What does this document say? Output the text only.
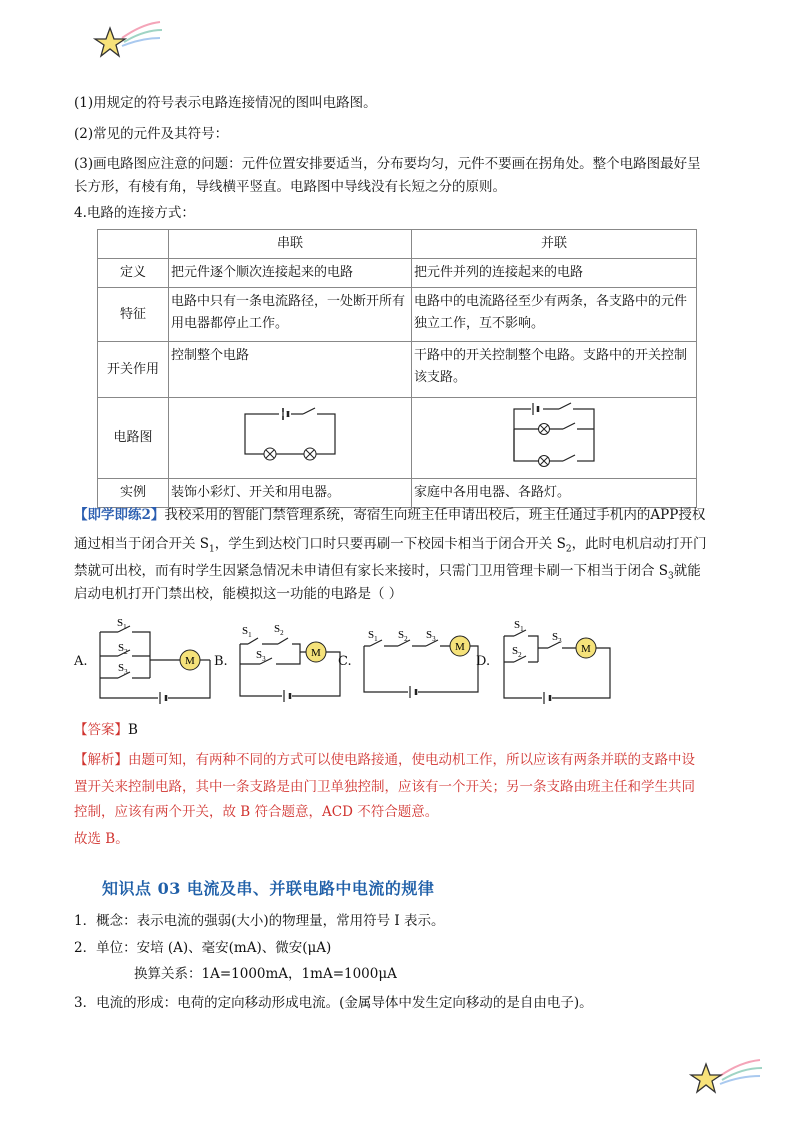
(1)用规定的符号表示电路连接情况的图叫电路图。
(2)常见的元件及其符号：
(3)画电路图应注意的问题：元件位置安排要适当，分布要均匀，元件不要画在拐角处。整个电路图最好呈
长方形，有棱有角，导线横平竖直。电路图中导线没有长短之分的原则。
4.电路的连接方式：
	串联	并联
定义	把元件逐个顺次连接起来的电路	把元件并列的连接起来的电路
特征	电路中只有一条电流路径，一处断开所有用电器都停止工作。	电路中的电流路径至少有两条，各支路中的元件独立工作，互不影响。
开关作用	控制整个电路	干路中的开关控制整个电路。支路中的开关控制该支路。
电路图		
实例	装饰小彩灯、开关和用电器。	家庭中各用电器、各路灯。
【即学即练2】我校采用的智能门禁管理系统，寄宿生向班主任申请出校后，班主任通过手机内的APP授权
通过相当于闭合开关 $S_1$，学生到达校门口时只要再刷一下校园卡相当于闭合开关 $S_2$，此时电机启动打开门
禁就可出校，而有时学生因紧急情况未申请但有家长来接时，只需门卫用管理卡刷一下相当于闭合 $S_3$就能
启动电机打开门禁出校，能模拟这一功能的电路是（ ）
A.
$S_1$
$S_2$
$S_3$
M B.
$S_1$ $S_2$
$S_3$	M
C.
$S_1$ $S_2$ $S_3$
M
D.
$S_1$
$S_3$
$S_2$	M
【答案】B
【解析】由题可知，有两种不同的方式可以使电路接通，使电动机工作，所以应该有两条并联的支路中设
置开关来控制电路，其中一条支路是由门卫单独控制，应该有一个开关；另一条支路由班主任和学生共同
控制，应该有两个开关，故 B 符合题意，ACD 不符合题意。
故选 B。
知识点 03 电流及串、并联电路中电流的规律
1．概念：表示电流的强弱(大小)的物理量，常用符号 I 表示。
2．单位：安培 (A)、毫安(mA)、微安(μA)
换算关系：1A=1000mA，1mA=1000μA
3．电流的形成：电荷的定向移动形成电流。(金属导体中发生定向移动的是自由电子)。
